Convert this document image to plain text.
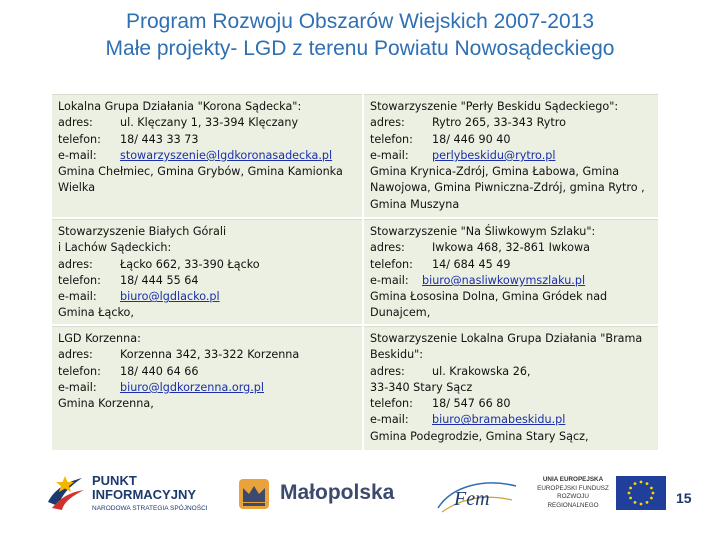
Program Rozwoju Obszarów Wiejskich 2007-2013
Małe projekty- LGD z terenu Powiatu Nowosądeckiego
Lokalna Grupa Działania "Korona Sądecka":
adres: ul. Klęczany 1, 33-394 Klęczany
telefon: 18/ 443 33 73
e-mail: stowarzyszenie@lgdkoronasadecka.pl
Gmina Chełmiec, Gmina Grybów, Gmina Kamionka Wielka
Stowarzyszenie "Perły Beskidu Sądeckiego":
adres: Rytro 265, 33-343 Rytro
telefon: 18/ 446 90 40
e-mail: perlybeskidu@rytro.pl
Gmina Krynica-Zdrój, Gmina Łabowa, Gmina Nawojowa, Gmina Piwniczna-Zdrój, gmina Rytro , Gmina Muszyna
Stowarzyszenie Białych Górali
i Lachów Sądeckich:
adres: Łącko 662, 33-390 Łącko
telefon: 18/ 444 55 64
e-mail: biuro@lgdlacko.pl
Gmina Łącko,
Stowarzyszenie "Na Śliwkowym Szlaku":
adres: Iwkowa 468, 32-861 Iwkowa
telefon: 14/ 684 45 49
e-mail: biuro@nasliwkowymszlaku.pl
Gmina Łososina Dolna, Gmina Gródek nad Dunajcem,
LGD Korzenna:
adres: Korzenna 342, 33-322 Korzenna
telefon: 18/ 440 64 66
e-mail: biuro@lgdkorzenna.org.pl
Gmina Korzenna,
Stowarzyszenie Lokalna Grupa Działania "Brama
Beskidu":
adres: ul. Krakowska 26,
33-340 Stary Sącz
telefon: 18/ 547 66 80
e-mail: biuro@bramabeskidu.pl
Gmina Podegrodzie, Gmina Stary Sącz,
PUNKT
INFORMACYJNY
NARODOWA STRATEGIA SPÓJNOŚCI
Małopolska	Fem
UNIA EUROPEJSKA
EUROPEJSKI FUNDUSZ
ROZWOJU REGIONALNEGO	15
